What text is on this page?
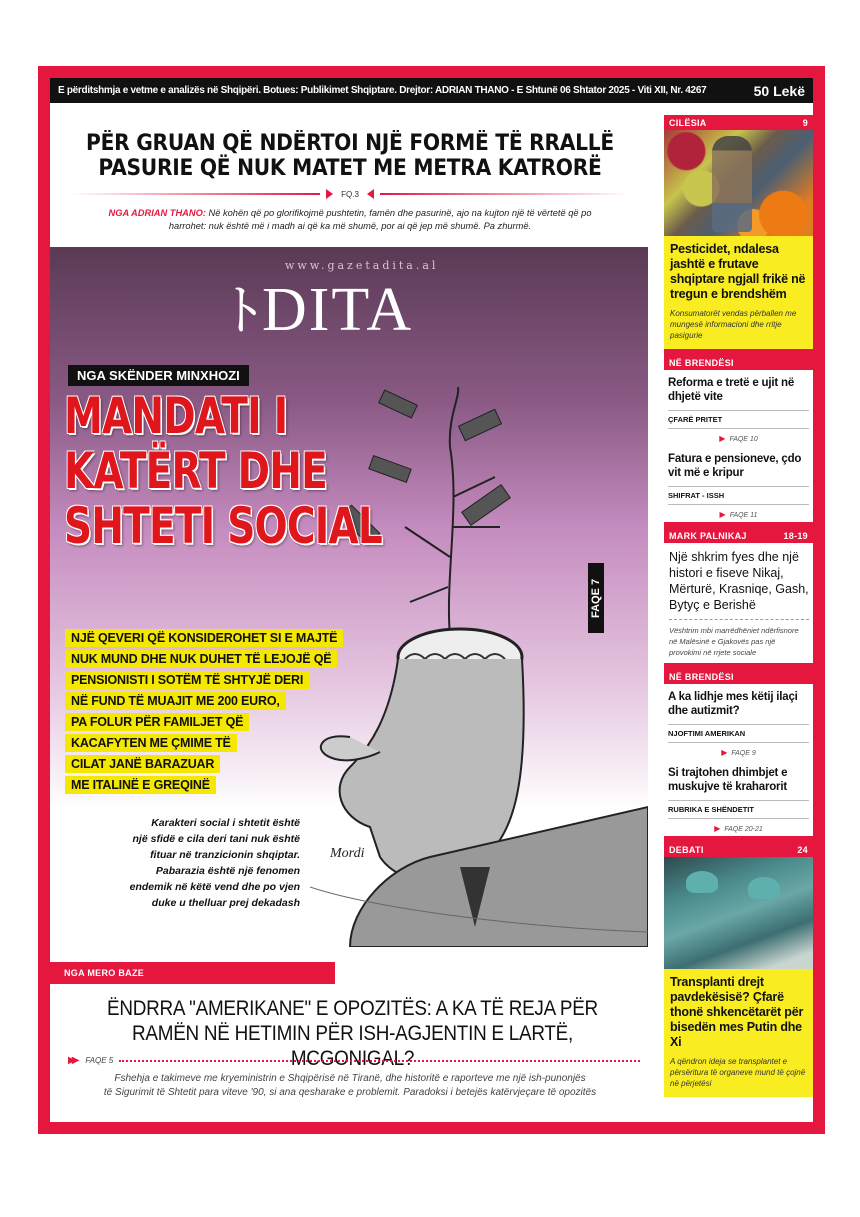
E përditshmja e vetme e analizës në Shqipëri. Botues: Publikimet Shqiptare. Drejtor: ADRIAN THANO - E Shtunë 06 Shtator 2025 - Viti XII, Nr. 4267	50 Lekë
PËR GRUAN QË NDËRTOI NJË FORMË TË RRALLË
PASURIE QË NUK MATET ME METRA KATRORË
FQ.3

NGA ADRIAN THANO: Në kohën që po glorifikojmë pushtetin, famën dhe pasurinë, ajo na kujton një të vërtetë që po harrohet: nuk është më i madh ai që ka më shumë, por ai që jep më shumë. Pa zhurmë.

www.gazetadita.al
ﾄDITA
Mordi
NGA SKËNDER MINXHOZI
MANDATI I
KATËRT DHE
SHTETI SOCIAL
FAQE 7
NJË QEVERI QË KONSIDEROHET SI E MAJTË
NUK MUND DHE NUK DUHET TË LEJOJË QË
PENSIONISTI I SOTËM TË SHTYJË DERI
NË FUND TË MUAJIT ME 200 EURO,
PA FOLUR PËR FAMILJET QË
KACAFYTEN ME ÇMIME TË
CILAT JANË BARAZUAR
ME ITALINË E GREQINË
Karakteri social i shtetit është
një sfidë e cila deri tani nuk është
fituar në tranzicionin shqiptar.
Pabarazia është një fenomen
endemik në këtë vend dhe po vjen
duke u thelluar prej dekadash
NGA MERO BAZE
ËNDRRA "AMERIKANE" E OPOZITËS: A KA TË REJA PËR
RAMËN NË HETIMIN PËR ISH-AGJENTIN E LARTË, MCGONIGAL?
▶▶ FAQE 5
Fshehja e takimeve me kryeministrin e Shqipërisë në Tiranë, dhe historitë e raporteve me një ish-punonjës
të Sigurimit të Shtetit para viteve '90, si ana qesharake e problemit. Paradoksi i betejës katërvjeçare të opozitës
CILËSIA	9
Pesticidet, ndalesa jashtë e frutave shqiptare ngjall frikë në tregun e brendshëm
Konsumatorët vendas përballen me mungesë informacioni dhe rritje pasigurie
NË BRENDËSI
Reforma e tretë e ujit në dhjetë vite
ÇFARË PRITET
▶ FAQE 10
Fatura e pensioneve, çdo vit më e kripur
SHIFRAT - ISSH
▶ FAQE 11
MARK PALNIKAJ	18-19
Një shkrim fyes dhe një histori e fiseve Nikaj, Mërturë, Krasniqe, Gash, Bytyç e Berishë
Vështrim mbi marrëdhëniet ndërfisnore në Malësinë e Gjakovës pas një provokimi në rrjete sociale
NË BRENDËSI
A ka lidhje mes këtij ilaçi dhe autizmit?
NJOFTIMI AMERIKAN
▶ FAQE 9
Si trajtohen dhimbjet e muskujve të kraharorit
RUBRIKA E SHËNDETIT
▶ FAQE 20-21
DEBATI	24
Transplanti drejt pavdekësisë? Çfarë thonë shkencëtarët për bisedën mes Putin dhe Xi
A qëndron ideja se transplantet e përsëritura të organeve mund të çojnë në përjetësi
